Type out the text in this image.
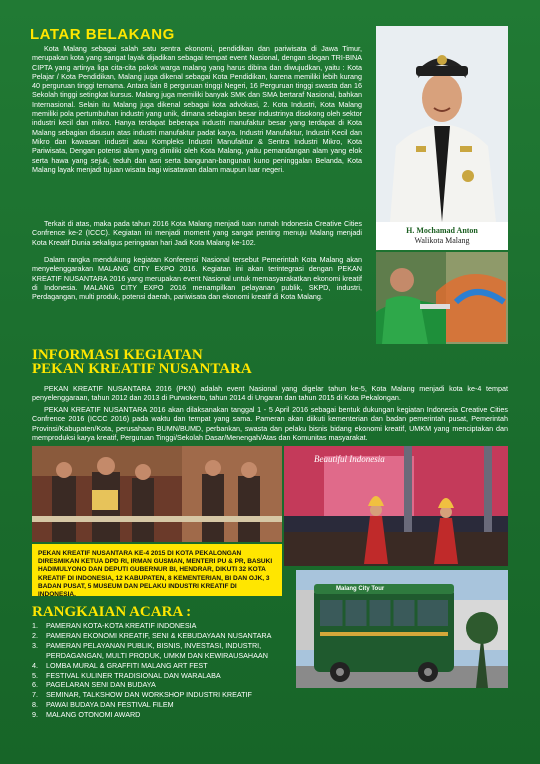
LATAR BELAKANG

Kota Malang sebagai salah satu sentra ekonomi, pendidikan dan pariwisata di Jawa Timur, merupakan kota yang sangat layak dijadikan sebagai tempat event Nasional, dengan slogan TRI-BINA CIPTA yang artinya liga cita-cita pokok warga malang yang harus dibina dan diwujudkan, yaitu : Kota Pelajar / Kota Pendidikan, Malang juga dikenal sebagai Kota Pendidikan, karena memiliki lebih kurang 40 perguruan tinggi ternama. Antara lain 8 perguruan tinggi Negeri, 16 Perguruan tinggi swasta dan 16 Sekolah tinggi setingkat kursus. Malang juga memiliki banyak SMK dan SMA bertaraf Nasional, bahkan Internasional. Selain itu Malang juga dikenal sebagai kota advokasi, 2. Kota Industri, Kota Malang memiliki pola pertumbuhan industri yang unik, dimana sebagian besar industrinya disokong oleh sektor industri kecil dan mikro. Hanya terdapat beberapa industri manufaktur besar yang terdapat di Kota Malang sebagian disusun atas industri manufaktur padat karya. Industri Manufaktur, Industri Kecil dan Mikro dan kawasan industri atau Kompleks Industri Manufaktur & Sentra Industri Mikro, Kota Pariwisata, Dengan potensi alam yang dimiliki oleh Kota Malang, yaitu pemandangan alam yang elok serta hawa yang sejuk, teduh dan asri serta bangunan-bangunan kuno peninggalan Belanda, Kota Malang layak menjadi tujuan wisata bagi wisatawan dalam maupun luar negeri.

Terkait di atas, maka pada tahun 2016 Kota Malang menjadi tuan rumah Indonesia Creative Cities Confrence ke-2 (ICCC). Kegiatan ini menjadi moment yang sangat penting menuju Malang menjadi Kota Kreatif Dunia sekaligus peringatan hari Jadi Kota Malang ke-102.

Dalam rangka mendukung kegiatan Konferensi Nasional tersebut Pemerintah Kota Malang akan menyelenggarakan MALANG CITY EXPO 2016. Kegiatan ini akan terintegrasi dengan PEKAN KREATIF NUSANTARA 2016 yang merupakan event Nasional untuk memasyarakatkan ekonomi kreatif di Indonesia. MALANG CITY EXPO 2016 menampilkan pelayanan publik, SKPD, industri, Perdagangan, multi produk, potensi daerah, pariwisata dan ekonomi kreatif di Kota Malang.

H. Mochamad Anton
Walikota Malang
INFORMASI KEGIATAN
PEKAN KREATIF NUSANTARA

PEKAN KREATIF NUSANTARA 2016 (PKN) adalah event Nasional yang digelar tahun ke-5, Kota Malang menjadi kota ke-4 tempat penyelenggaraan, tahun 2012 dan 2013 di Purwokerto, tahun 2014 di Ungaran dan tahun 2015 di Kota Pekalongan.

PEKAN KREATIF NUSANTARA 2016 akan dilaksanakan tanggal 1 - 5 April 2016 sebagai bentuk dukungan kegiatan Indonesia Creative Cities Confrence 2016 (ICCC 2016) pada waktu dan tempat yang sama. Pameran akan diikuti kementerian dan badan pemerintah pusat, Pemerintah Provinsi/Kabupaten/Kota, perusahaan BUMN/BUMD, perbankan, swasta dan pelaku bisnis bidang ekonomi kreatif, UMKM yang menciptakan dan memproduksi karya kreatif, Perguruan Tinggi/Sekolah Dasar/Menengah/Atas dan Komunitas masyarakat.

Beautiful Indonesia
PEKAN KREATIF NUSANTARA KE-4 2015 DI KOTA PEKALONGAN DIRESMIKAN KETUA DPD RI, IRMAN GUSMAN, MENTERI PU & PR, BASUKI HADIMULYONO DAN DEPUTI GUBERNUR BI, HENDRAR, DIKUTI 32 KOTA KREATIF DI INDONESIA, 12 KABUPATEN, 8 KEMENTERIAN, BI DAN OJK, 3 BADAN PUSAT, 5 MUSEUM DAN PELAKU INDUSTRI KREATIF DI INDONESIA.
Malang City Tour
RANGKAIAN ACARA :
1. PAMERAN KOTA-KOTA KREATIF INDONESIA
2. PAMERAN EKONOMI KREATIF, SENI & KEBUDAYAAN NUSANTARA
3. PAMERAN PELAYANAN PUBLIK, BISNIS, INVESTASI, INDUSTRI,
PERDAGANGAN, MULTI PRODUK, UMKM DAN KEWIRAUSAHAAN
4. LOMBA MURAL & GRAFFITI MALANG ART FEST
5. FESTIVAL KULINER TRADISIONAL DAN WARALABA
6. PAGELARAN SENI DAN BUDAYA
7. SEMINAR, TALKSHOW DAN WORKSHOP INDUSTRI KREATIF
8. PAWAI BUDAYA DAN FESTIVAL FILEM
9. MALANG OTONOMI AWARD
